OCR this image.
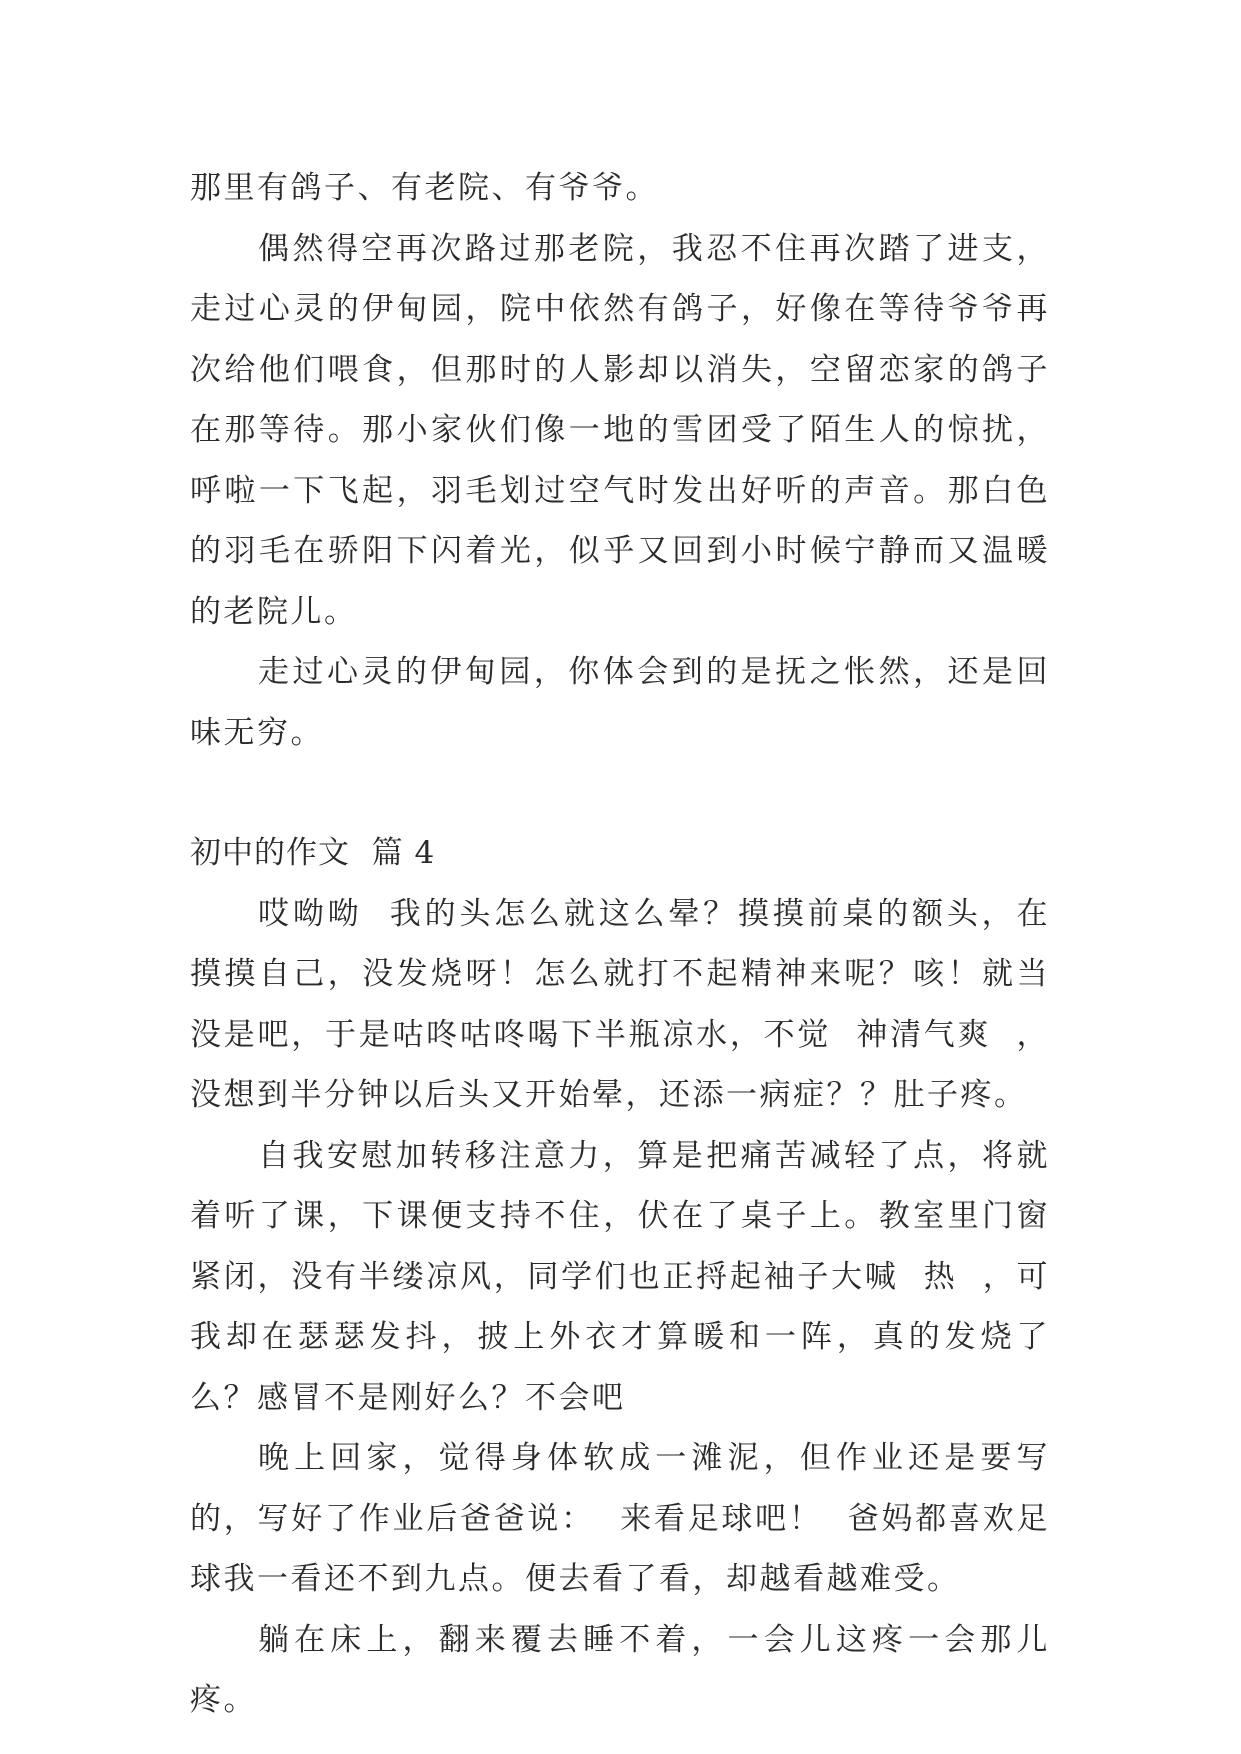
那里有鸽子、有老院、有爷爷。

偶然得空再次路过那老院，我忍不住再次踏了进支，走过心灵的伊甸园，院中依然有鸽子，好像在等待爷爷再次给他们喂食，但那时的人影却以消失，空留恋家的鸽子在那等待。那小家伙们像一地的雪团受了陌生人的惊扰，呼啦一下飞起，羽毛划过空气时发出好听的声音。那白色的羽毛在骄阳下闪着光，似乎又回到小时候宁静而又温暖的老院儿。

走过心灵的伊甸园，你体会到的是抚之怅然，还是回味无穷。

初中的作文  篇 4

哎呦呦  我的头怎么就这么晕？摸摸前桌的额头，在摸摸自己，没发烧呀！怎么就打不起精神来呢？咳！就当没是吧，于是咕咚咕咚喝下半瓶凉水，不觉  神清气爽  ，没想到半分钟以后头又开始晕，还添一病症？？肚子疼。

自我安慰加转移注意力，算是把痛苦减轻了点，将就着听了课，下课便支持不住，伏在了桌子上。教室里门窗紧闭，没有半缕凉风，同学们也正捋起袖子大喊  热  ，可我却在瑟瑟发抖，披上外衣才算暖和一阵，真的发烧了么？感冒不是刚好么？不会吧

晚上回家，觉得身体软成一滩泥，但作业还是要写的，写好了作业后爸爸说：  来看足球吧！  爸妈都喜欢足球我一看还不到九点。便去看了看，却越看越难受。

躺在床上，翻来覆去睡不着，一会儿这疼一会那儿疼。
